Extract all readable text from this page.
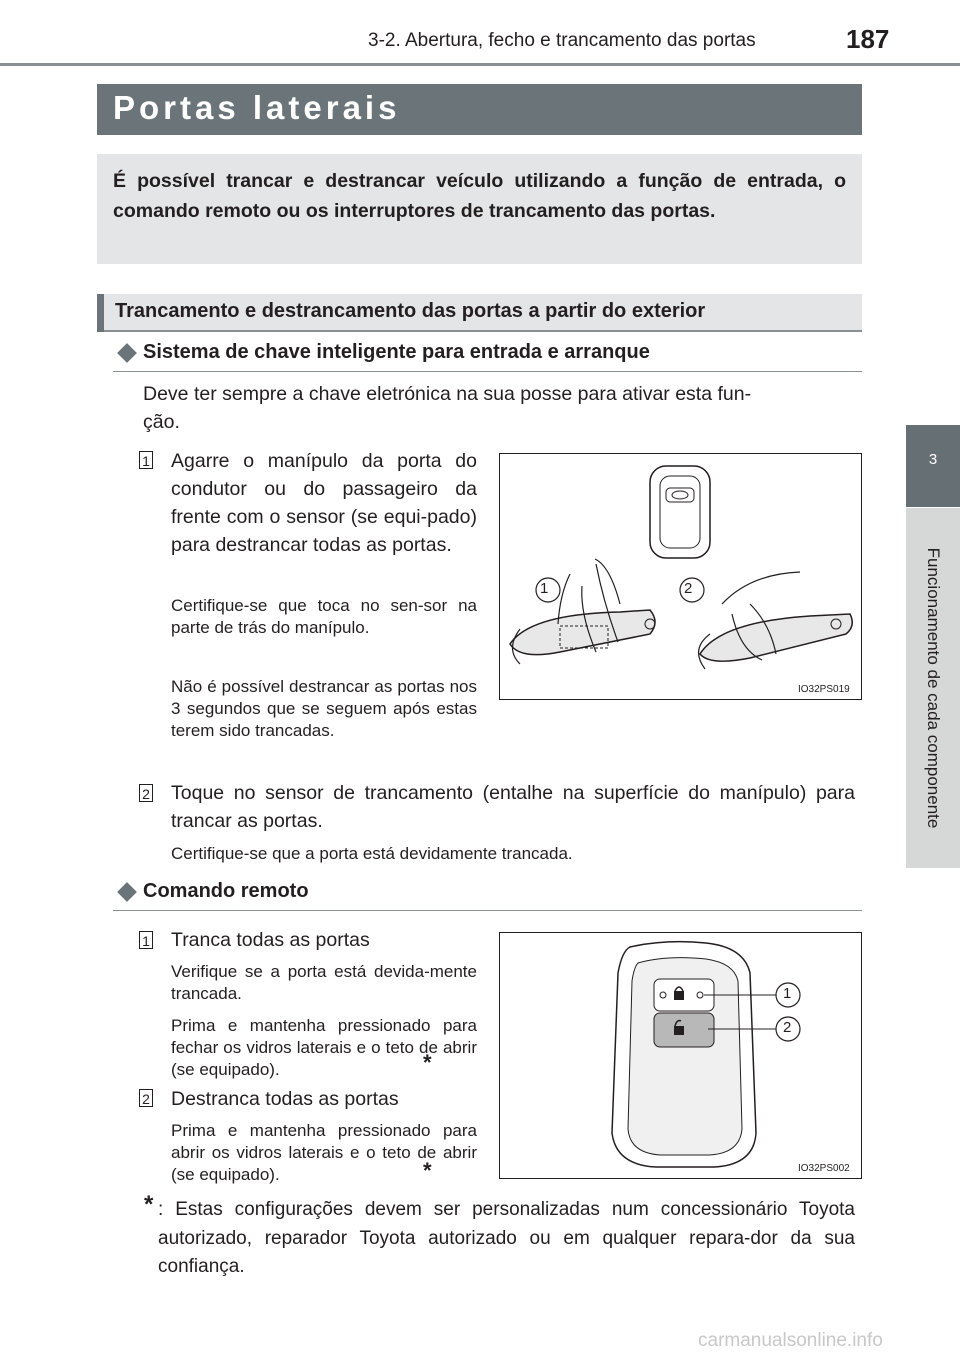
3-2. Abertura, fecho e trancamento das portas	187
3
Funcionamento de cada componente
Portas laterais
É possível trancar e destrancar veículo utilizando a função de entrada, o comando remoto ou os interruptores de trancamento das portas.
Trancamento e destrancamento das portas a partir do exterior
Sistema de chave inteligente para entrada e arranque
Deve ter sempre a chave eletrónica na sua posse para ativar esta fun-
ção.
1 Agarre o manípulo da porta do condutor ou do passageiro da frente com o sensor (se equi-pado) para destrancar todas as portas.
Certifique-se que toca no sen-sor na parte de trás do manípulo.
Não é possível destrancar as portas nos 3 segundos que se seguem após estas terem sido trancadas.
1	2
IO32PS019
2 Toque no sensor de trancamento (entalhe na superfície do manípulo) para trancar as portas.
Certifique-se que a porta está devidamente trancada.
Comando remoto
1 Tranca todas as portas
Verifique se a porta está devida-mente trancada.
Prima e mantenha pressionado para fechar os vidros laterais e o teto de abrir (se equipado).	*
2 Destranca todas as portas
Prima e mantenha pressionado para abrir os vidros laterais e o teto de abrir (se equipado).	*
1
2
IO32PS002
* : Estas configurações devem ser personalizadas num concessionário Toyota autorizado, reparador Toyota autorizado ou em qualquer repara-dor da sua confiança.
carmanualsonline.info
